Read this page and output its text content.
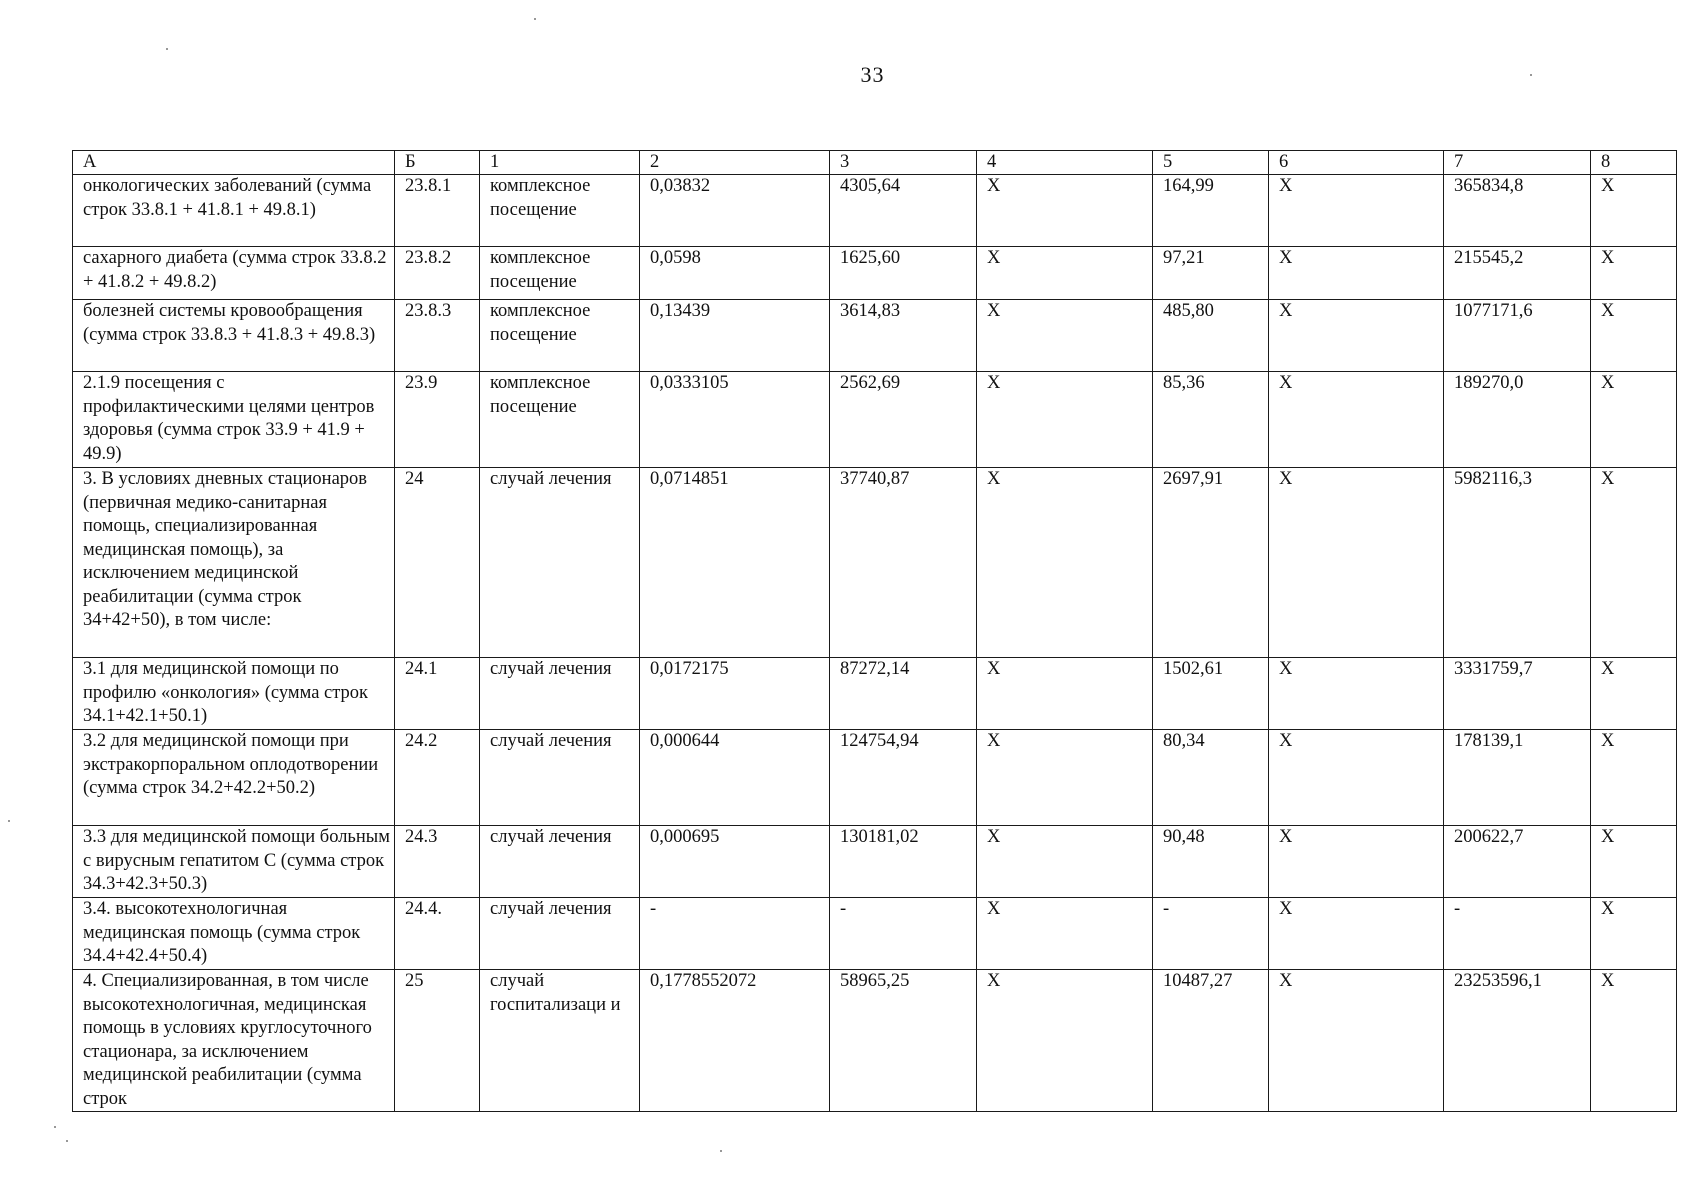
33
А	Б	1	2	3	4	5	6	7	8
онкологических заболеваний (сумма строк 33.8.1 + 41.8.1 + 49.8.1)	23.8.1	комплексное посещение	0,03832	4305,64	X	164,99	X	365834,8	X
сахарного диабета (сумма строк 33.8.2 + 41.8.2 + 49.8.2)	23.8.2	комплексное посещение	0,0598	1625,60	X	97,21	X	215545,2	X
болезней системы кровообращения (сумма строк 33.8.3 + 41.8.3 + 49.8.3)	23.8.3	комплексное посещение	0,13439	3614,83	X	485,80	X	1077171,6	X
2.1.9 посещения с профилактическими целями центров здоровья (сумма строк 33.9 + 41.9 + 49.9)	23.9	комплексное посещение	0,0333105	2562,69	X	85,36	X	189270,0	X
3. В условиях дневных стационаров (первичная медико-санитарная помощь, специализированная медицинская помощь), за исключением медицинской реабилитации (сумма строк 34+42+50), в том числе:	24	случай лечения	0,0714851	37740,87	X	2697,91	X	5982116,3	X
3.1 для медицинской помощи по профилю «онкология» (сумма строк 34.1+42.1+50.1)	24.1	случай лечения	0,0172175	87272,14	X	1502,61	X	3331759,7	X
3.2 для медицинской помощи при экстракорпоральном оплодотворении (сумма строк 34.2+42.2+50.2)	24.2	случай лечения	0,000644	124754,94	X	80,34	X	178139,1	X
3.3 для медицинской помощи больным с вирусным гепатитом С (сумма строк 34.3+42.3+50.3)	24.3	случай лечения	0,000695	130181,02	X	90,48	X	200622,7	X
3.4. высокотехнологичная медицинская помощь (сумма строк 34.4+42.4+50.4)	24.4.	случай лечения	-	-	X	-	X	-	X
4. Специализированная, в том числе высокотехнологичная, медицинская помощь в условиях круглосуточного стационара, за исключением медицинской реабилитации (сумма строк	25	случай госпитализаци и	0,1778552072	58965,25	X	10487,27	X	23253596,1	X
